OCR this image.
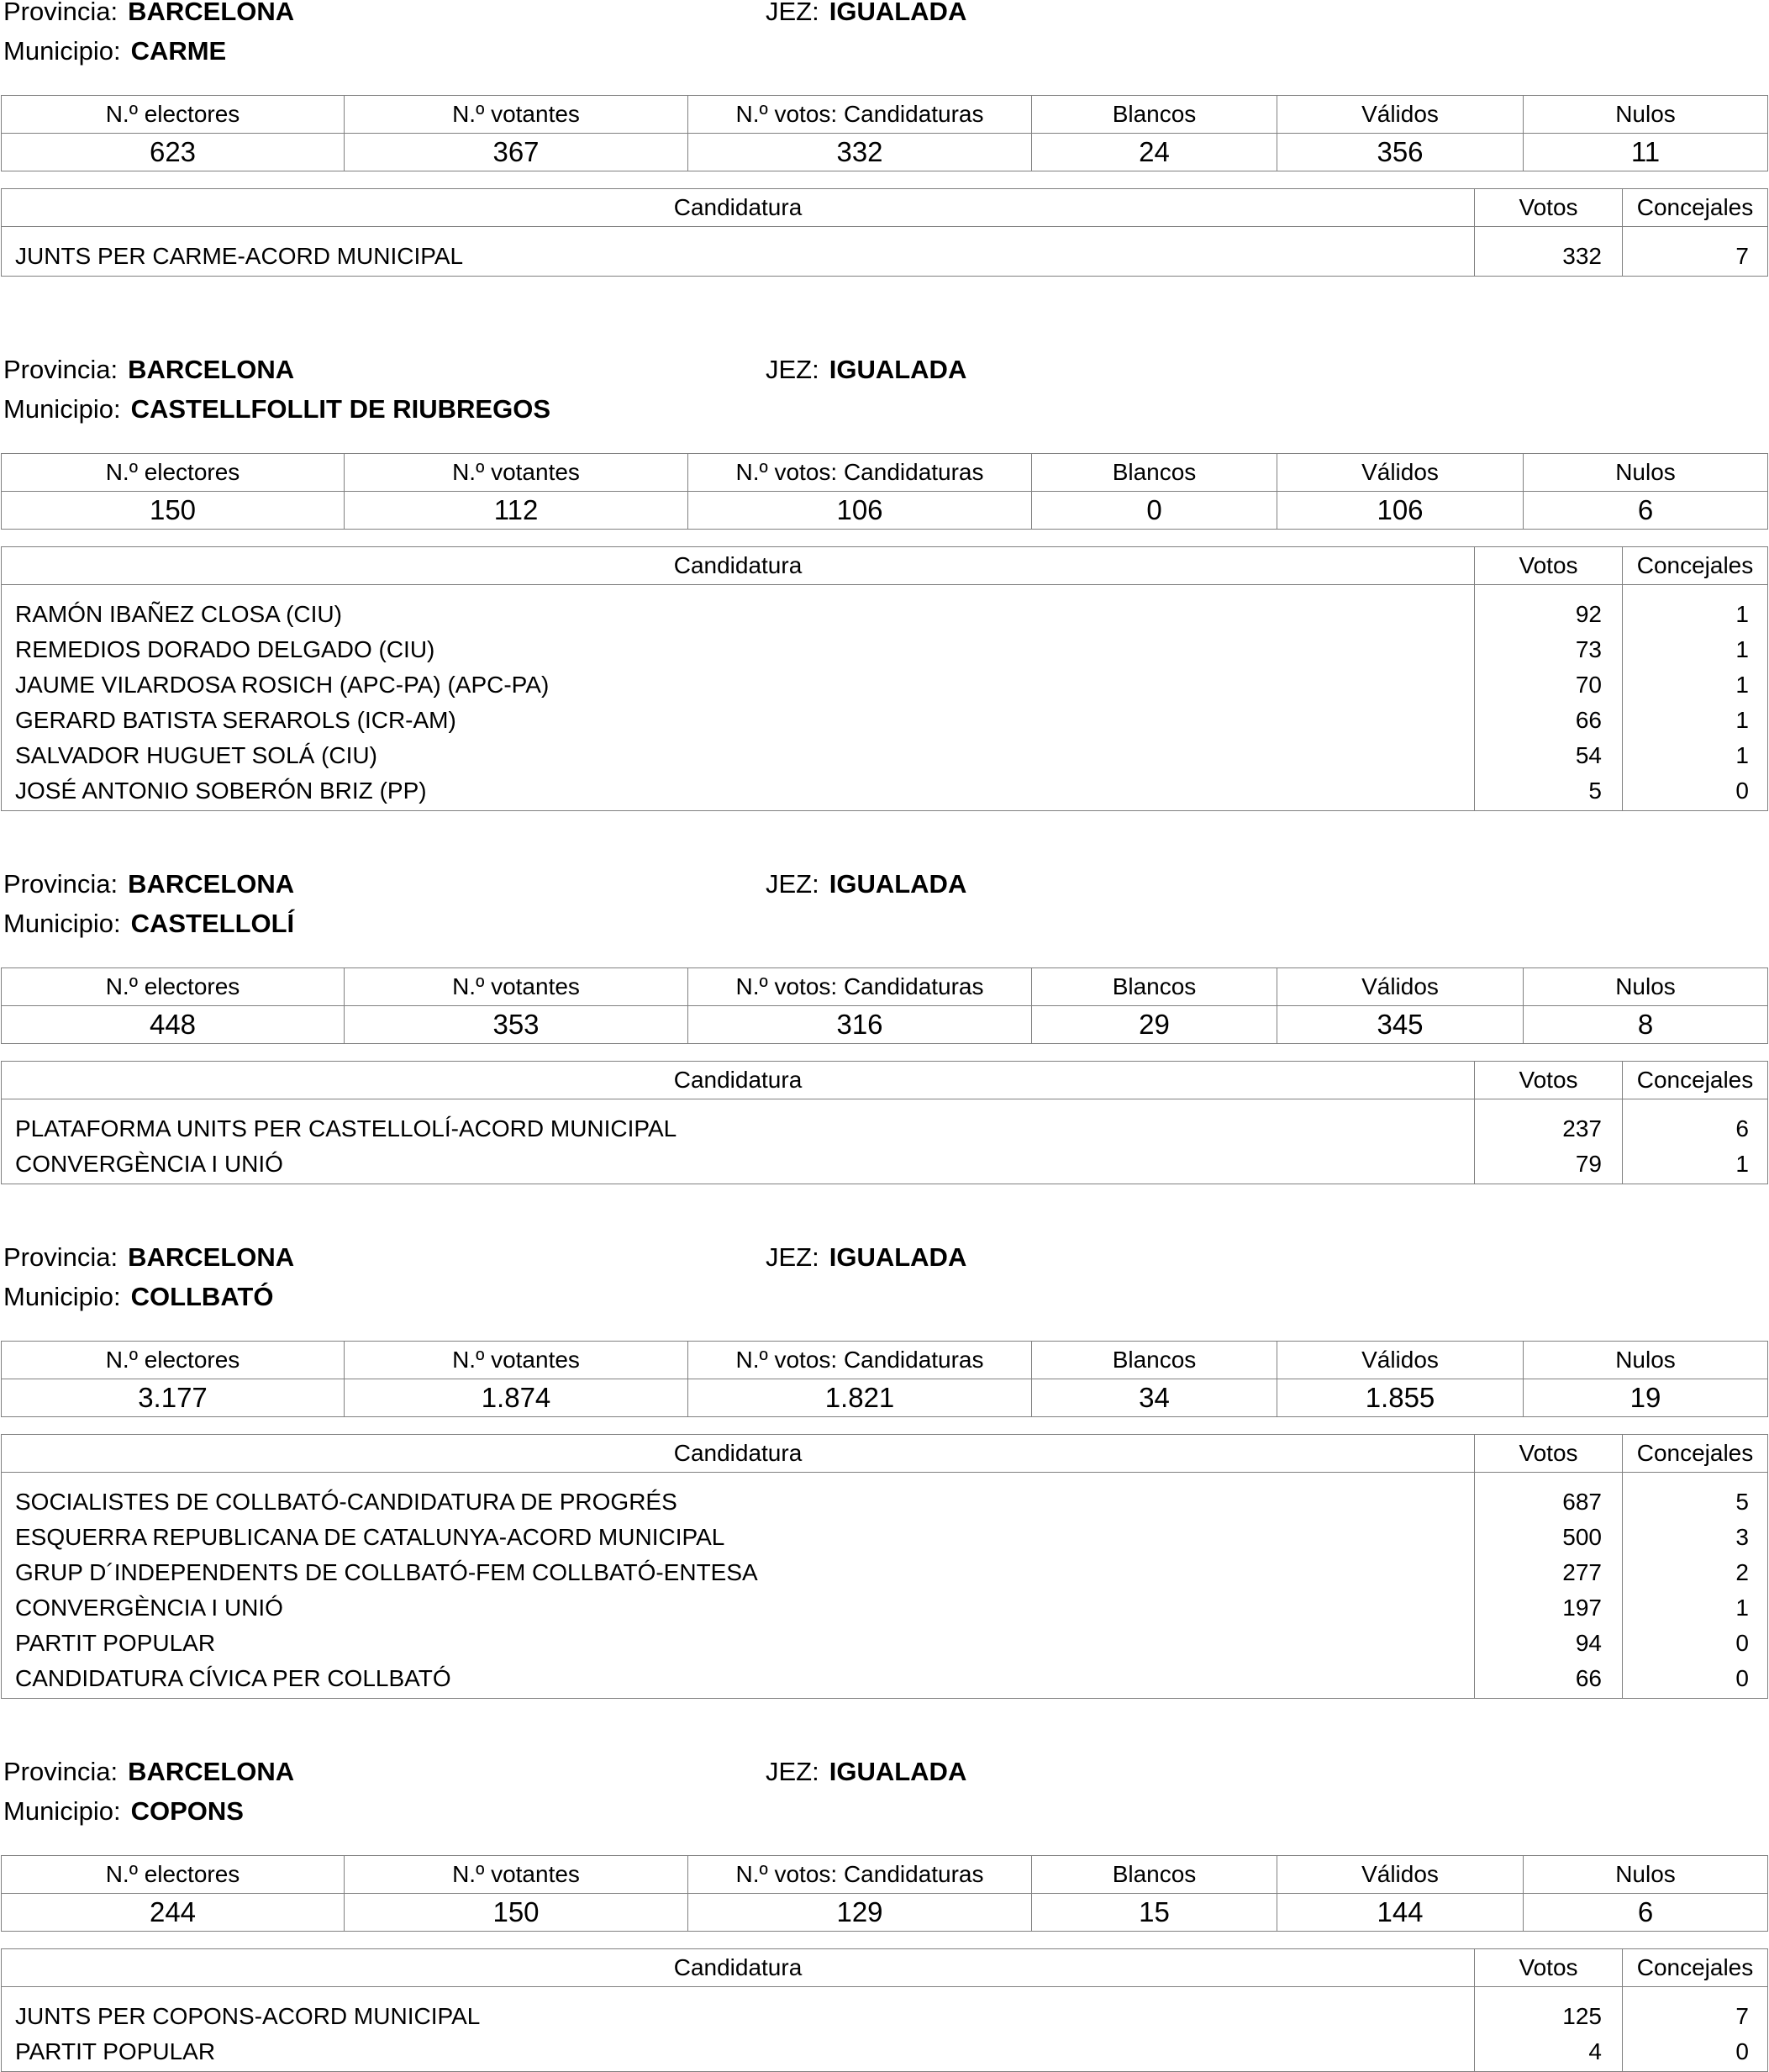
Provincia: BARCELONA	JEZ: IGUALADA
Municipio: CARME
N.º electores	N.º votantes	N.º votos: Candidaturas	Blancos	Válidos	Nulos
623	367	332	24	356	11
Candidatura	Votos	Concejales
JUNTS PER CARME-ACORD MUNICIPAL	332	7
Provincia: BARCELONA	JEZ: IGUALADA
Municipio: CASTELLFOLLIT DE RIUBREGOS
N.º electores	N.º votantes	N.º votos: Candidaturas	Blancos	Válidos	Nulos
150	112	106	0	106	6
Candidatura	Votos	Concejales
RAMÓN IBAÑEZ CLOSA (CIU)	92	1
REMEDIOS DORADO DELGADO (CIU)	73	1
JAUME VILARDOSA ROSICH (APC-PA) (APC-PA)	70	1
GERARD BATISTA SERAROLS (ICR-AM)	66	1
SALVADOR HUGUET SOLÁ (CIU)	54	1
JOSÉ ANTONIO SOBERÓN BRIZ (PP)	5	0
Provincia: BARCELONA	JEZ: IGUALADA
Municipio: CASTELLOLÍ
N.º electores	N.º votantes	N.º votos: Candidaturas	Blancos	Válidos	Nulos
448	353	316	29	345	8
Candidatura	Votos	Concejales
PLATAFORMA UNITS PER CASTELLOLÍ-ACORD MUNICIPAL	237	6
CONVERGÈNCIA I UNIÓ	79	1
Provincia: BARCELONA	JEZ: IGUALADA
Municipio: COLLBATÓ
N.º electores	N.º votantes	N.º votos: Candidaturas	Blancos	Válidos	Nulos
3.177	1.874	1.821	34	1.855	19
Candidatura	Votos	Concejales
SOCIALISTES DE COLLBATÓ-CANDIDATURA DE PROGRÉS	687	5
ESQUERRA REPUBLICANA DE CATALUNYA-ACORD MUNICIPAL	500	3
GRUP D´INDEPENDENTS DE COLLBATÓ-FEM COLLBATÓ-ENTESA	277	2
CONVERGÈNCIA I UNIÓ	197	1
PARTIT POPULAR	94	0
CANDIDATURA CÍVICA PER COLLBATÓ	66	0
Provincia: BARCELONA	JEZ: IGUALADA
Municipio: COPONS
N.º electores	N.º votantes	N.º votos: Candidaturas	Blancos	Válidos	Nulos
244	150	129	15	144	6
Candidatura	Votos	Concejales
JUNTS PER COPONS-ACORD MUNICIPAL	125	7
PARTIT POPULAR	4	0
